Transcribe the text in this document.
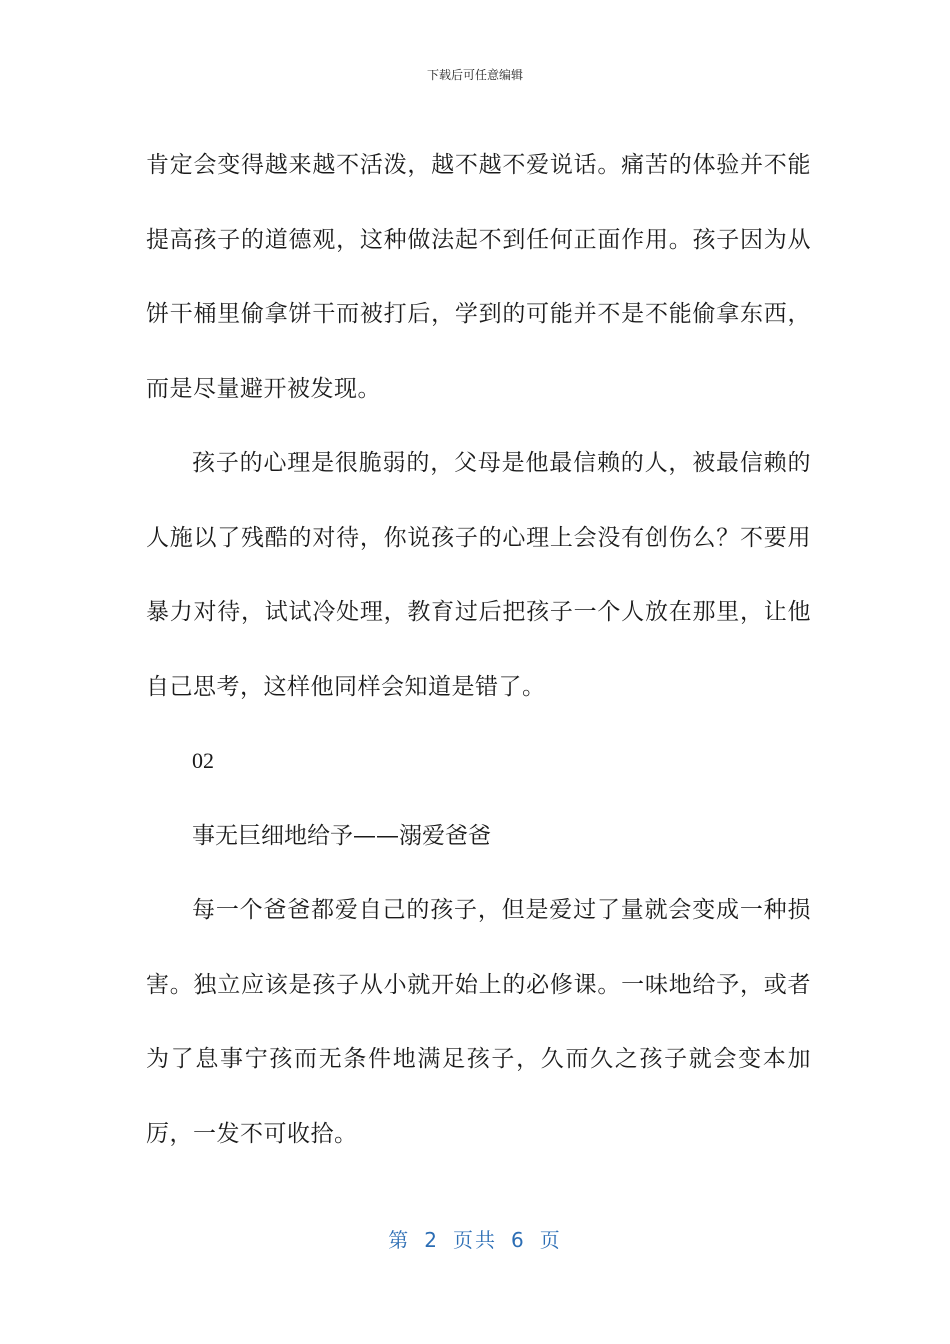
下载后可任意编辑

肯定会变得越来越不活泼，越不越不爱说话。痛苦的体验并不能提高孩子的道德观，这种做法起不到任何正面作用。孩子因为从饼干桶里偷拿饼干而被打后，学到的可能并不是不能偷拿东西，而是尽量避开被发现。

孩子的心理是很脆弱的，父母是他最信赖的人，被最信赖的人施以了残酷的对待，你说孩子的心理上会没有创伤么？不要用暴力对待，试试冷处理，教育过后把孩子一个人放在那里，让他自己思考，这样他同样会知道是错了。

02

事无巨细地给予——溺爱爸爸

每一个爸爸都爱自己的孩子，但是爱过了量就会变成一种损害。独立应该是孩子从小就开始上的必修课。一味地给予，或者为了息事宁孩而无条件地满足孩子，久而久之孩子就会变本加厉，一发不可收拾。

第 2 页共 6 页
